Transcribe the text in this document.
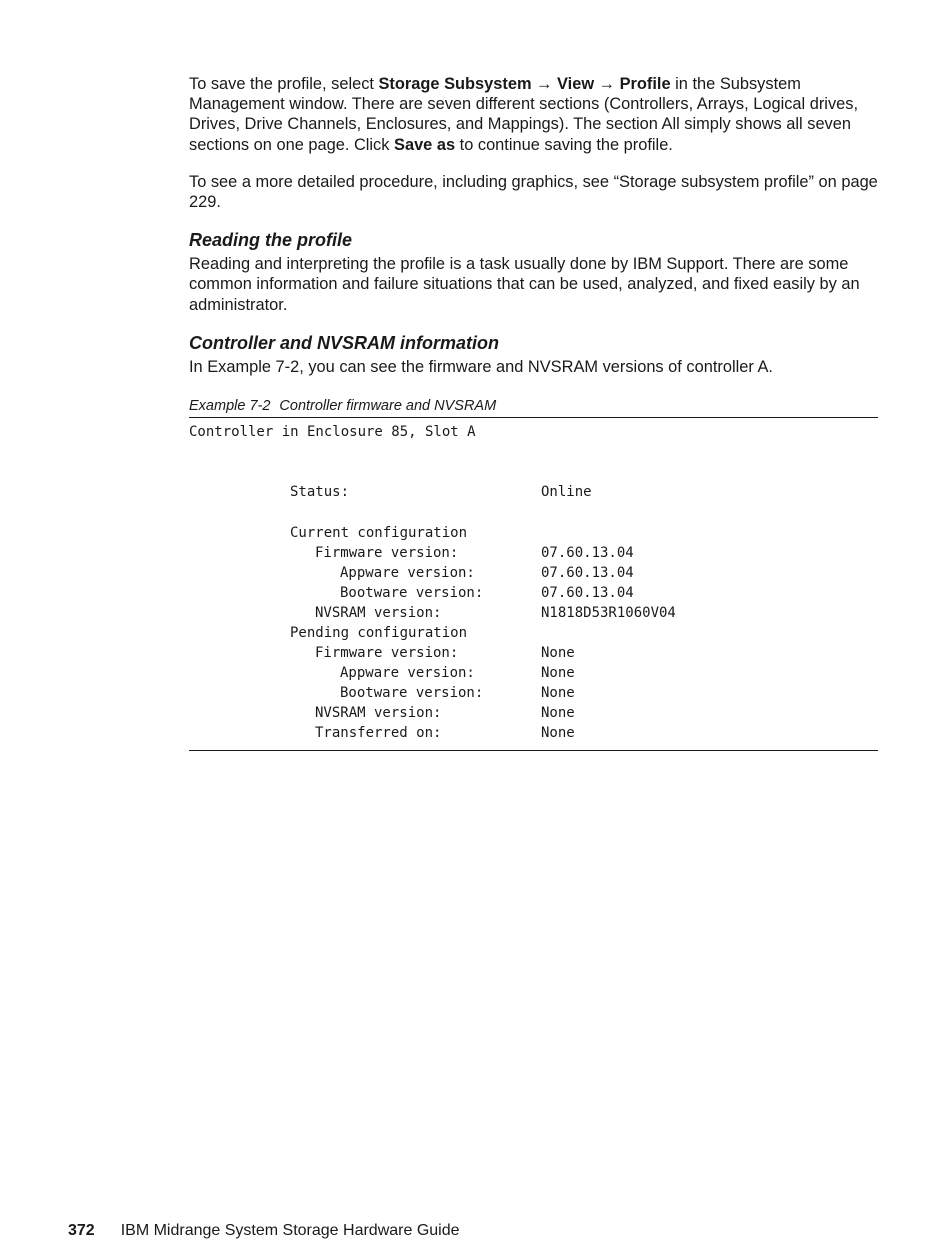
To save the profile, select Storage Subsystem → View → Profile in the Subsystem Management window. There are seven different sections (Controllers, Arrays, Logical drives, Drives, Drive Channels, Enclosures, and Mappings). The section All simply shows all seven sections on one page. Click Save as to continue saving the profile.

To see a more detailed procedure, including graphics, see “Storage subsystem profile” on page 229.

Reading the profile

Reading and interpreting the profile is a task usually done by IBM Support. There are some common information and failure situations that can be used, analyzed, and fixed easily by an administrator.

Controller and NVSRAM information

In Example 7-2, you can see the firmware and NVSRAM versions of controller A.

Example 7-2 Controller firmware and NVSRAM
Controller in Enclosure 85, Slot A
Status:	Online
Current configuration
Firmware version:	07.60.13.04
Appware version:	07.60.13.04
Bootware version:	07.60.13.04
NVSRAM version:	N1818D53R1060V04
Pending configuration
Firmware version:	None
Appware version:	None
Bootware version:	None
NVSRAM version:	None
Transferred on:	None
372 IBM Midrange System Storage Hardware Guide
